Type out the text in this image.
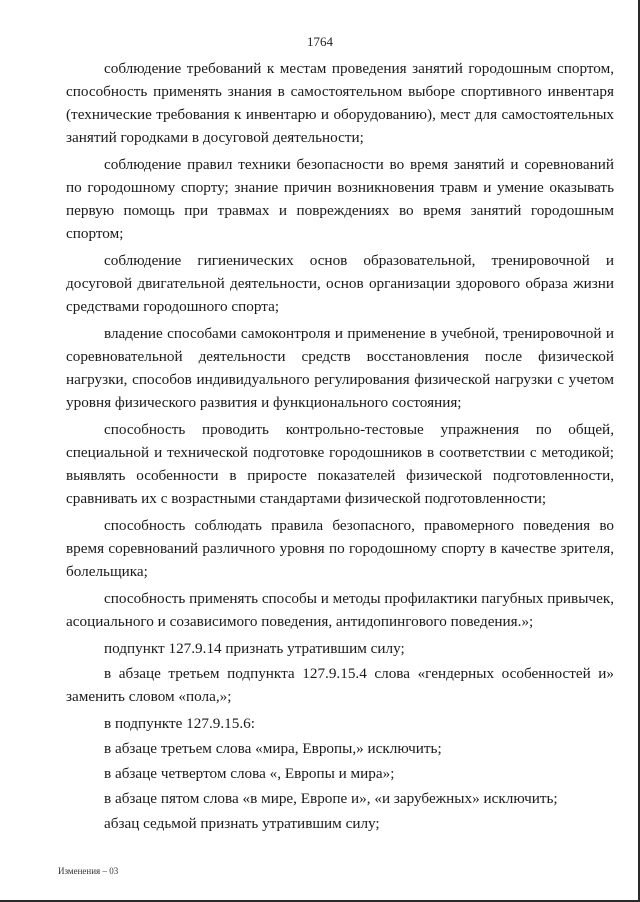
1764

соблюдение требований к местам проведения занятий городошным спортом, способность применять знания в самостоятельном выборе спортивного инвентаря (технические требования к инвентарю и оборудованию), мест для самостоятельных занятий городками в досуговой деятельности;

соблюдение правил техники безопасности во время занятий и соревнований по городошному спорту; знание причин возникновения травм и умение оказывать первую помощь при травмах и повреждениях во время занятий городошным спортом;

соблюдение гигиенических основ образовательной, тренировочной и досуговой двигательной деятельности, основ организации здорового образа жизни средствами городошного спорта;

владение способами самоконтроля и применение в учебной, тренировочной и соревновательной деятельности средств восстановления после физической нагрузки, способов индивидуального регулирования физической нагрузки с учетом уровня физического развития и функционального состояния;

способность проводить контрольно-тестовые упражнения по общей, специальной и технической подготовке городошников в соответствии с методикой; выявлять особенности в приросте показателей физической подготовленности, сравнивать их с возрастными стандартами физической подготовленности;

способность соблюдать правила безопасного, правомерного поведения во время соревнований различного уровня по городошному спорту в качестве зрителя, болельщика;

способность применять способы и методы профилактики пагубных привычек, асоциального и созависимого поведения, антидопингового поведения.»;

подпункт 127.9.14 признать утратившим силу;

в абзаце третьем подпункта 127.9.15.4 слова «гендерных особенностей и» заменить словом «пола,»;

в подпункте 127.9.15.6:

в абзаце третьем слова «мира, Европы,» исключить;

в абзаце четвертом слова «, Европы и мира»;

в абзаце пятом слова «в мире, Европе и», «и зарубежных» исключить;

абзац седьмой признать утратившим силу;

Изменения – 03
